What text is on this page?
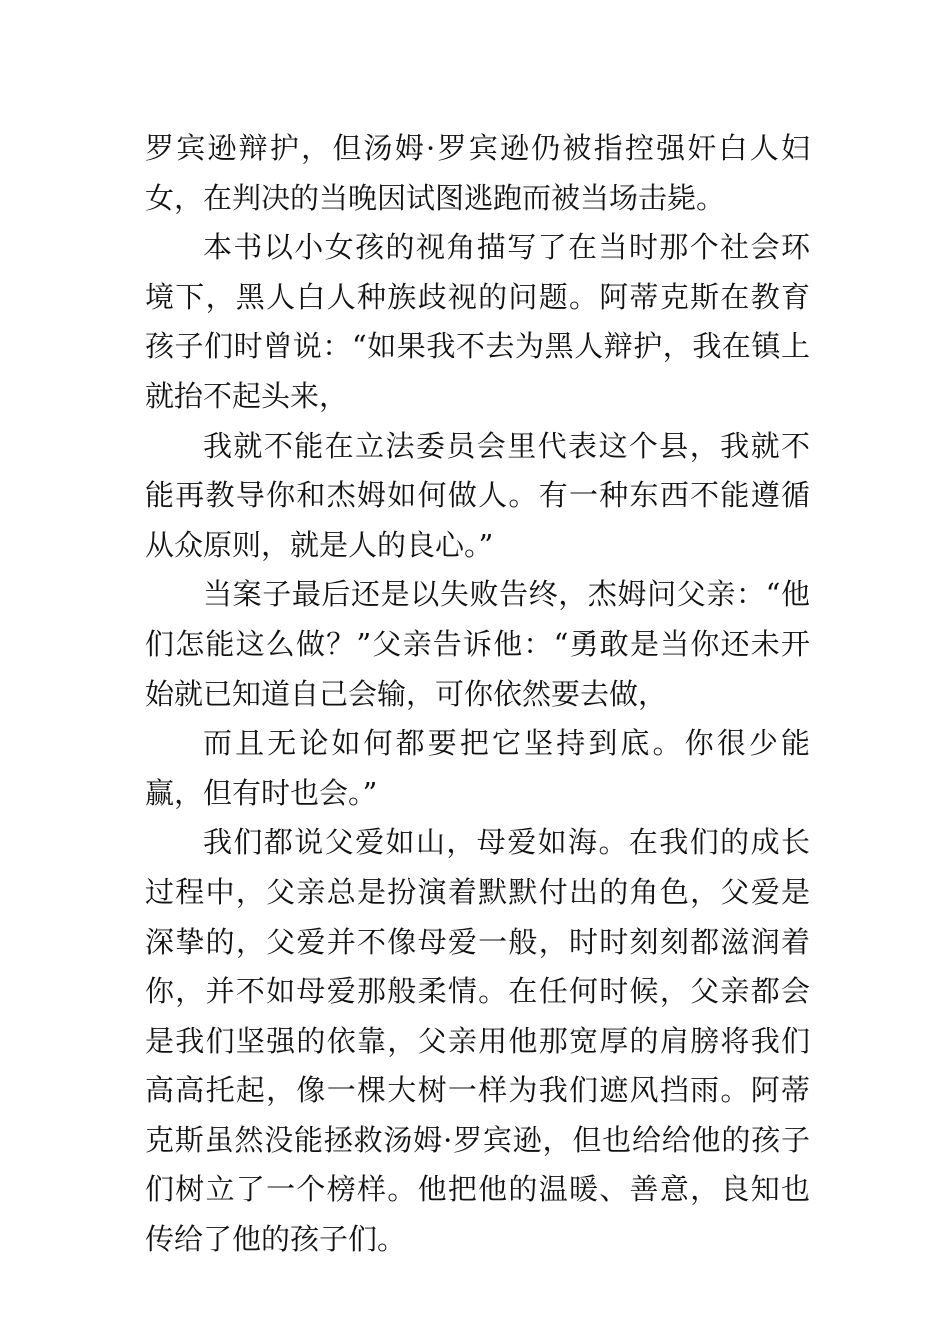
罗宾逊辩护，但汤姆·罗宾逊仍被指控强奸白人妇女，在判决的当晚因试图逃跑而被当场击毙。

本书以小女孩的视角描写了在当时那个社会环境下，黑人白人种族歧视的问题。阿蒂克斯在教育孩子们时曾说：“如果我不去为黑人辩护，我在镇上就抬不起头来，

我就不能在立法委员会里代表这个县，我就不能再教导你和杰姆如何做人。有一种东西不能遵循从众原则，就是人的良心。”

当案子最后还是以失败告终，杰姆问父亲：“他们怎能这么做？”父亲告诉他：“勇敢是当你还未开始就已知道自己会输，可你依然要去做，

而且无论如何都要把它坚持到底。你很少能赢，但有时也会。”

我们都说父爱如山，母爱如海。在我们的成长过程中，父亲总是扮演着默默付出的角色，父爱是深挚的，父爱并不像母爱一般，时时刻刻都滋润着你，并不如母爱那般柔情。在任何时候，父亲都会是我们坚强的依靠，父亲用他那宽厚的肩膀将我们高高托起，像一棵大树一样为我们遮风挡雨。阿蒂克斯虽然没能拯救汤姆·罗宾逊，但也给给他的孩子们树立了一个榜样。他把他的温暖、善意，良知也传给了他的孩子们。
